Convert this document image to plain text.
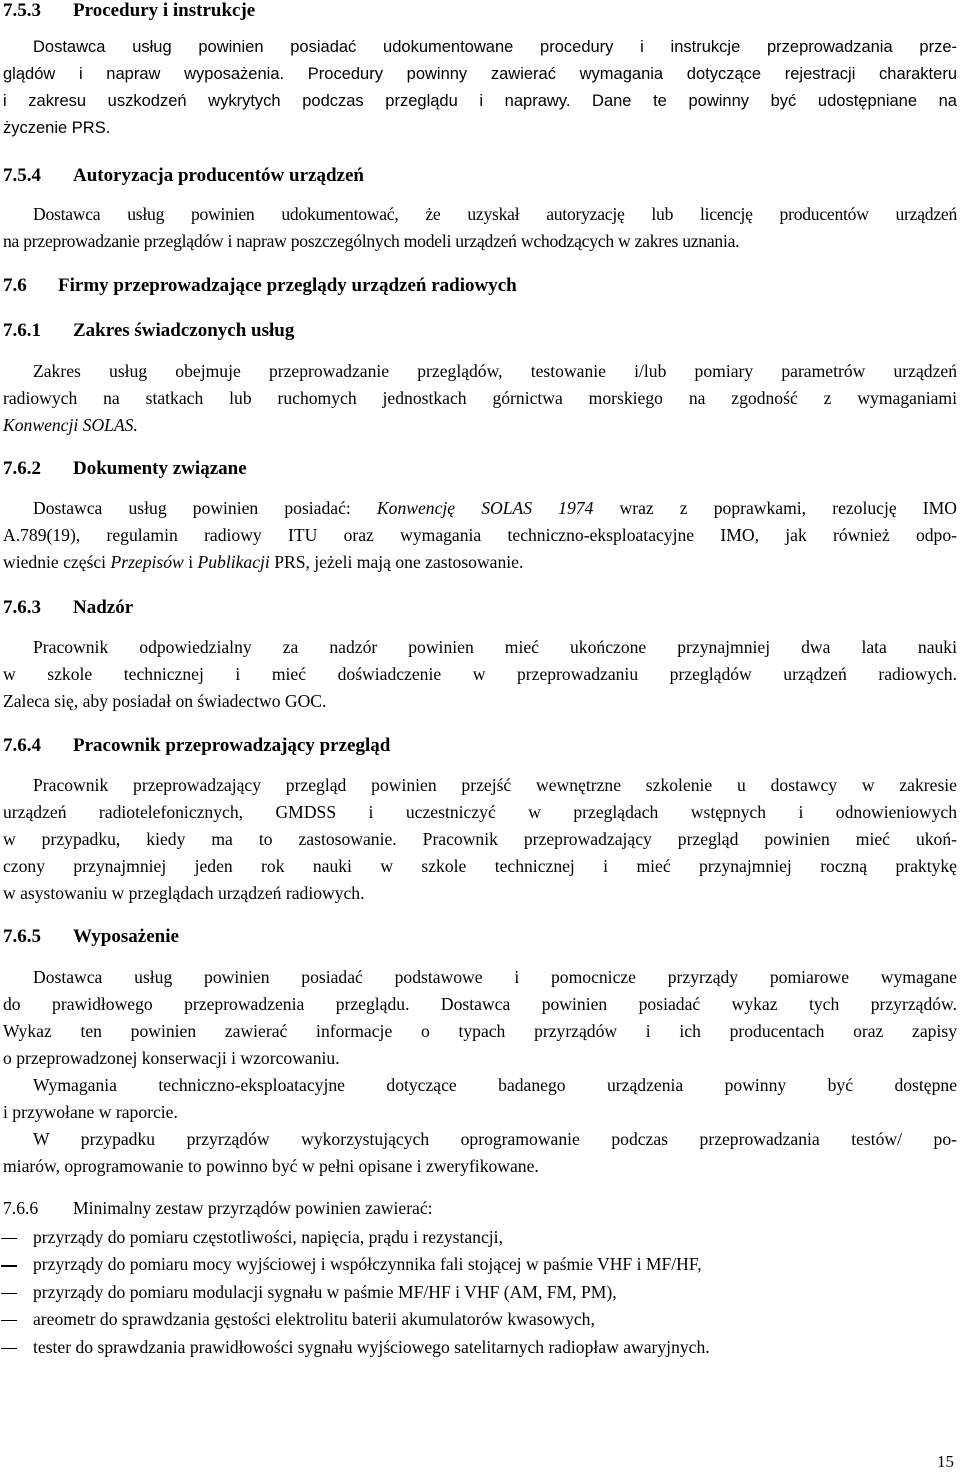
7.5.3 Procedury i instrukcje

Dostawca usług powinien posiadać udokumentowane procedury i instrukcje przeprowadzania prze-
glądów i napraw wyposażenia. Procedury powinny zawierać wymagania dotyczące rejestracji charakteru
i zakresu uszkodzeń wykrytych podczas przeglądu i naprawy. Dane te powinny być udostępniane na
życzenie PRS.

7.5.4 Autoryzacja producentów urządzeń

Dostawca usług powinien udokumentować, że uzyskał autoryzację lub licencję producentów urządzeń
na przeprowadzanie przeglądów i napraw poszczególnych modeli urządzeń wchodzących w zakres uznania.

7.6 Firmy przeprowadzające przeglądy urządzeń radiowych
7.6.1 Zakres świadczonych usług

Zakres usług obejmuje przeprowadzanie przeglądów, testowanie i/lub pomiary parametrów urządzeń
radiowych na statkach lub ruchomych jednostkach górnictwa morskiego na zgodność z wymaganiami
Konwencji SOLAS.

7.6.2 Dokumenty związane

Dostawca usług powinien posiadać: Konwencję SOLAS 1974 wraz z poprawkami, rezolucję IMO
A.789(19), regulamin radiowy ITU oraz wymagania techniczno-eksploatacyjne IMO, jak również odpo-
wiednie części Przepisów i Publikacji PRS, jeżeli mają one zastosowanie.

7.6.3 Nadzór

Pracownik odpowiedzialny za nadzór powinien mieć ukończone przynajmniej dwa lata nauki
w szkole technicznej i mieć doświadczenie w przeprowadzaniu przeglądów urządzeń radiowych.
Zaleca się, aby posiadał on świadectwo GOC.

7.6.4 Pracownik przeprowadzający przegląd

Pracownik przeprowadzający przegląd powinien przejść wewnętrzne szkolenie u dostawcy w zakresie
urządzeń radiotelefonicznych, GMDSS i uczestniczyć w przeglądach wstępnych i odnowieniowych
w przypadku, kiedy ma to zastosowanie. Pracownik przeprowadzający przegląd powinien mieć ukoń-
czony przynajmniej jeden rok nauki w szkole technicznej i mieć przynajmniej roczną praktykę
w asystowaniu w przeglądach urządzeń radiowych.

7.6.5 Wyposażenie

Dostawca usług powinien posiadać podstawowe i pomocnicze przyrządy pomiarowe wymagane
do prawidłowego przeprowadzenia przeglądu. Dostawca powinien posiadać wykaz tych przyrządów.
Wykaz ten powinien zawierać informacje o typach przyrządów i ich producentach oraz zapisy
o przeprowadzonej konserwacji i wzorcowaniu.

Wymagania techniczno-eksploatacyjne dotyczące badanego urządzenia powinny być dostępne
i przywołane w raporcie.

W przypadku przyrządów wykorzystujących oprogramowanie podczas przeprowadzania testów/ po-
miarów, oprogramowanie to powinno być w pełni opisane i zweryfikowane.

7.6.6 Minimalny zestaw przyrządów powinien zawierać:

przyrządy do pomiaru częstotliwości, napięcia, prądu i rezystancji,
przyrządy do pomiaru mocy wyjściowej i współczynnika fali stojącej w paśmie VHF i MF/HF,
przyrządy do pomiaru modulacji sygnału w paśmie MF/HF i VHF (AM, FM, PM),
areometr do sprawdzania gęstości elektrolitu baterii akumulatorów kwasowych,
tester do sprawdzania prawidłowości sygnału wyjściowego satelitarnych radiopław awaryjnych.
15
